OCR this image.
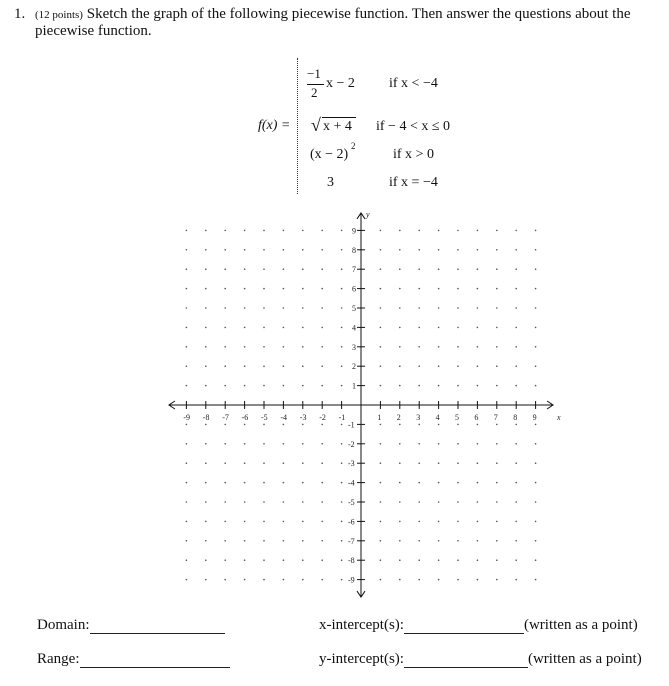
1. (12 points) Sketch the graph of the following piecewise function. Then answer the questions about the
piecewise function.
f(x) =
−1
2
x − 2 if x < −4
√ x + 4 if − 4 < x ≤ 0
(x − 2)
2
if x > 0
3	if x = −4
-9 -8 -7 -6 -5 -4 -3 -2 -1	1 2 3 4 5 6 7 8 9
1
2
3
4
5
6
7
8
9
-1
-2
-3
-4
-5
-6
-7
-8
-9
x
y
Domain:
Range:
x-intercept(s):	(written as a point)
y-intercept(s):	(written as a point)
